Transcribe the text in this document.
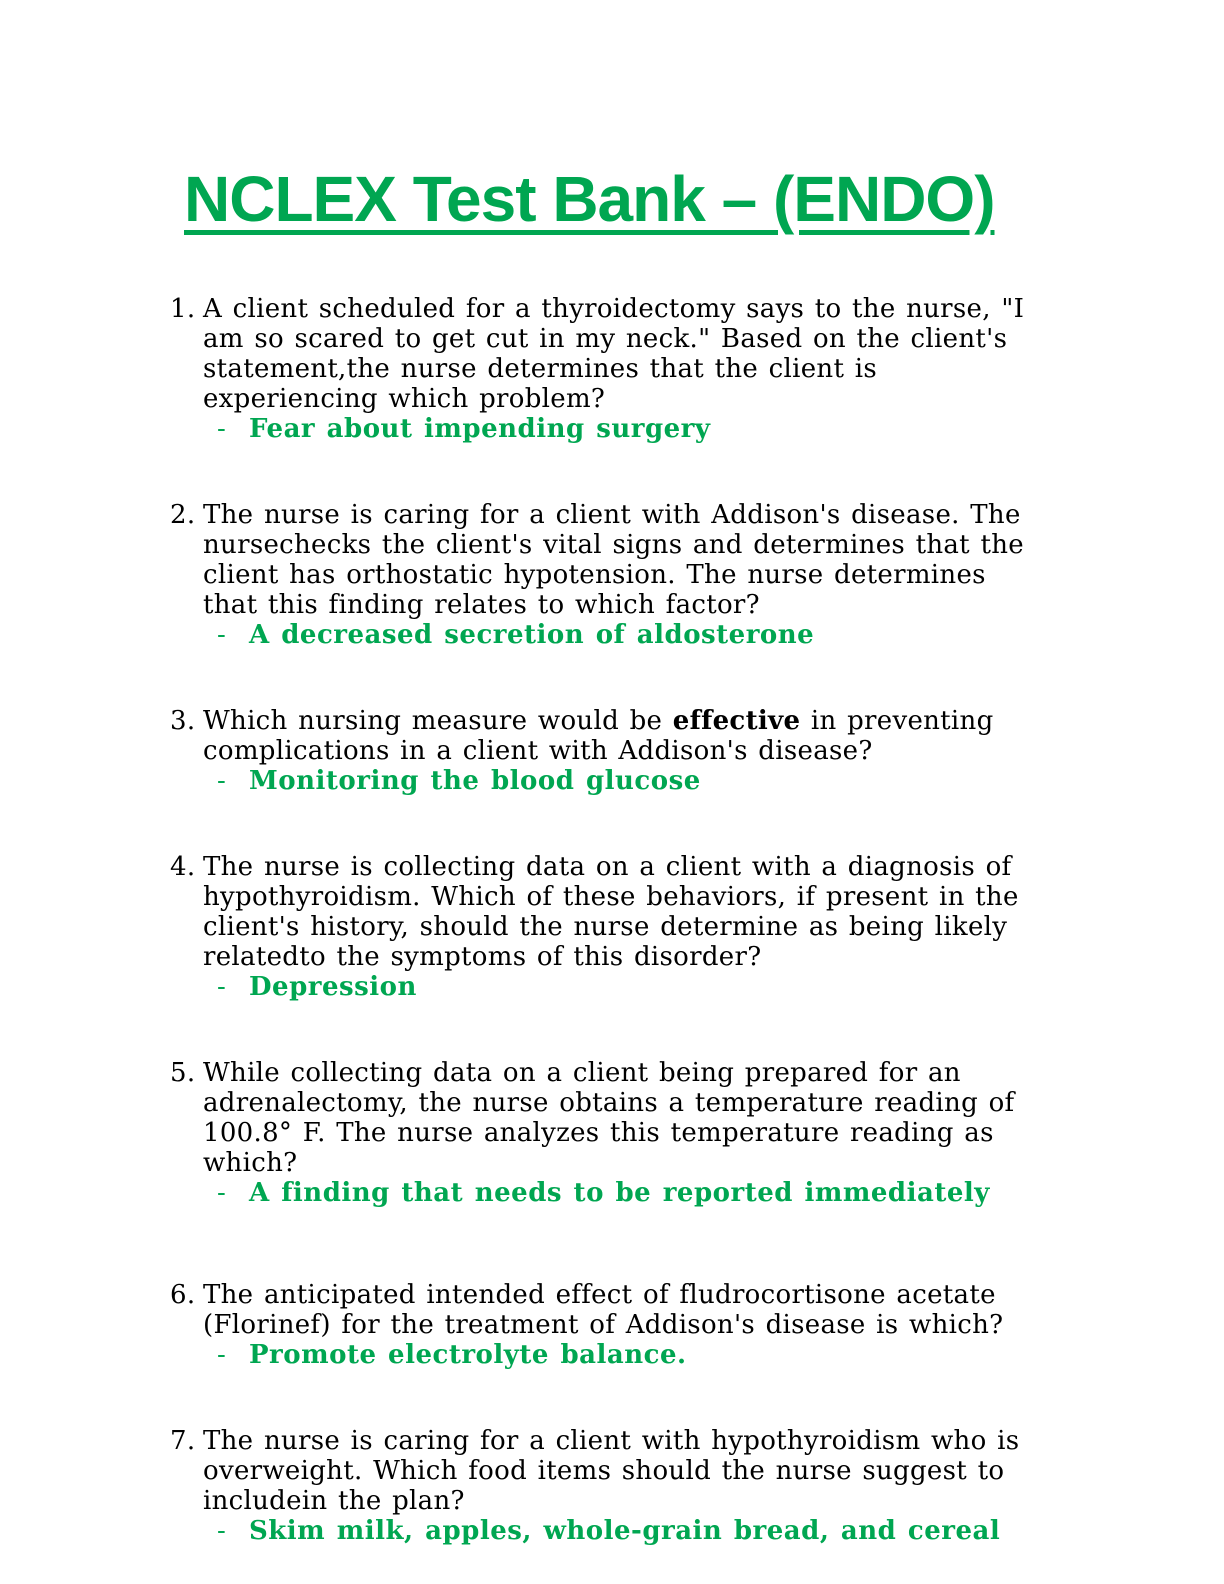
NCLEX Test Bank – (ENDO)
1. A client scheduled for a thyroidectomy says to the nurse, "I am so scared to get cut in my neck." Based on the client's statement,the nurse determines that the client is experiencing which problem?
- Fear about impending surgery
2. The nurse is caring for a client with Addison's disease. The nursechecks the client's vital signs and determines that the client has orthostatic hypotension. The nurse determines that this finding relates to which factor?
- A decreased secretion of aldosterone
3. Which nursing measure would be effective in preventing complications in a client with Addison's disease?
- Monitoring the blood glucose
4. The nurse is collecting data on a client with a diagnosis of hypothyroidism. Which of these behaviors, if present in the client's history, should the nurse determine as being likely relatedto the symptoms of this disorder?
- Depression
5. While collecting data on a client being prepared for an adrenalectomy, the nurse obtains a temperature reading of 100.8° F. The nurse analyzes this temperature reading as which?
- A finding that needs to be reported immediately
6. The anticipated intended effect of fludrocortisone acetate (Florinef) for the treatment of Addison's disease is which?
- Promote electrolyte balance.
7. The nurse is caring for a client with hypothyroidism who is overweight. Which food items should the nurse suggest to includein the plan?
- Skim milk, apples, whole-grain bread, and cereal
